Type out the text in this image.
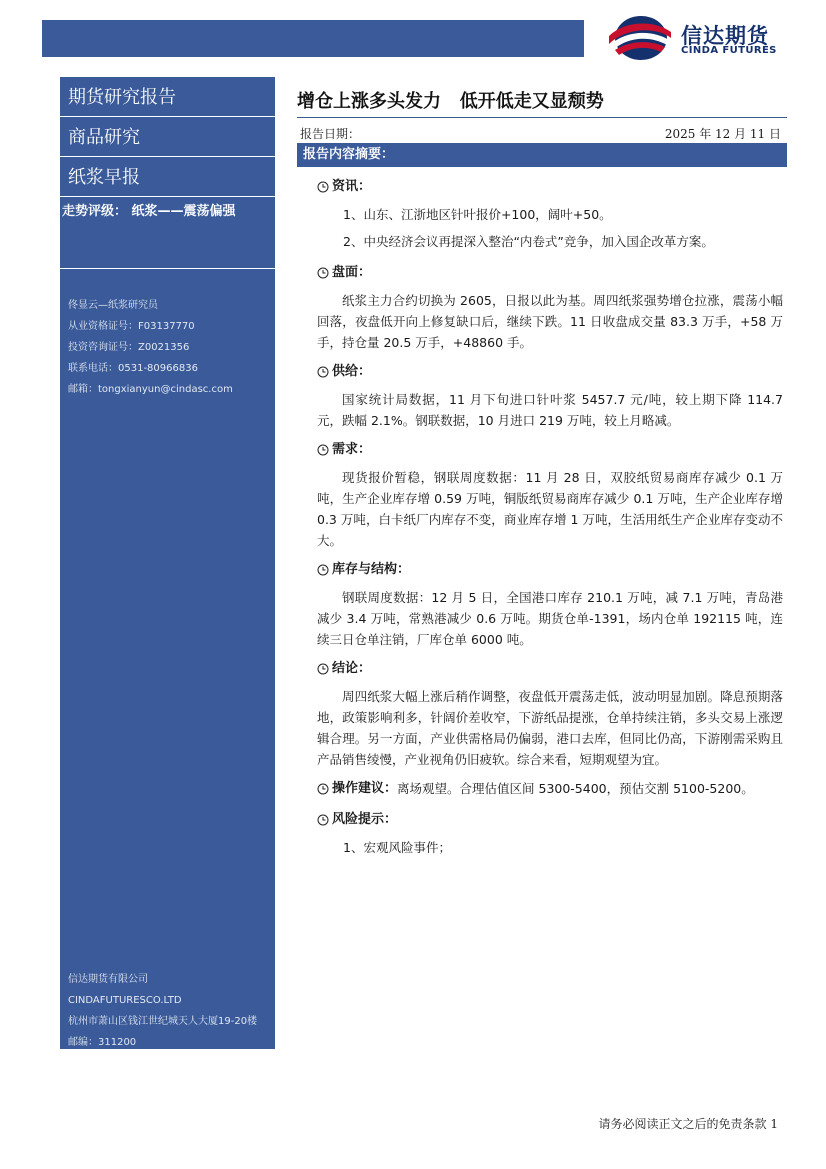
信达期货
CINDA FUTURES
期货研究报告
商品研究
纸浆早报
走势评级： 纸浆——震荡偏强
佟显云—纸浆研究员
从业资格证号：F03137770
投资咨询证号：Z0021356
联系电话：0531-80966836
邮箱：tongxianyun@cindasc.com
信达期货有限公司
CINDAFUTURESCO.LTD
杭州市萧山区钱江世纪城天人大厦19-20楼
邮编：311200
增仓上涨多头发力   低开低走又显颓势
报告日期：	2025 年 12 月 11 日
报告内容摘要：
资讯：
1、山东、江浙地区针叶报价+100，阔叶+50。
2、中央经济会议再提深入整治“内卷式”竞争，加入国企改革方案。
盘面：
纸浆主力合约切换为 2605，日报以此为基。周四纸浆强势增仓拉涨，震荡小幅回落，夜盘低开向上修复缺口后，继续下跌。11 日收盘成交量 83.3 万手，+58 万手，持仓量 20.5 万手，+48860 手。
供给：
国家统计局数据，11 月下旬进口针叶浆 5457.7 元/吨，较上期下降 114.7 元，跌幅 2.1%。钢联数据，10 月进口 219 万吨，较上月略减。
需求：
现货报价暂稳，钢联周度数据：11 月 28 日，双胶纸贸易商库存减少 0.1 万吨，生产企业库存增 0.59 万吨，铜版纸贸易商库存减少 0.1 万吨，生产企业库存增 0.3 万吨，白卡纸厂内库存不变，商业库存增 1 万吨，生活用纸生产企业库存变动不大。
库存与结构：
钢联周度数据：12 月 5 日，全国港口库存 210.1 万吨，减 7.1 万吨，青岛港减少 3.4 万吨，常熟港减少 0.6 万吨。期货仓单-1391，场内仓单 192115 吨，连续三日仓单注销，厂库仓单 6000 吨。
结论：
周四纸浆大幅上涨后稍作调整，夜盘低开震荡走低，波动明显加剧。降息预期落地，政策影响利多，针阔价差收窄，下游纸品提涨，仓单持续注销，多头交易上涨逻辑合理。另一方面，产业供需格局仍偏弱，港口去库，但同比仍高，下游刚需采购且产品销售绫慢，产业视角仍旧疲软。综合来看，短期观望为宜。
操作建议： 离场观望。合理估值区间 5300-5400，预估交割 5100-5200。
风险提示：
1、宏观风险事件；
请务必阅读正文之后的免责条款 1
